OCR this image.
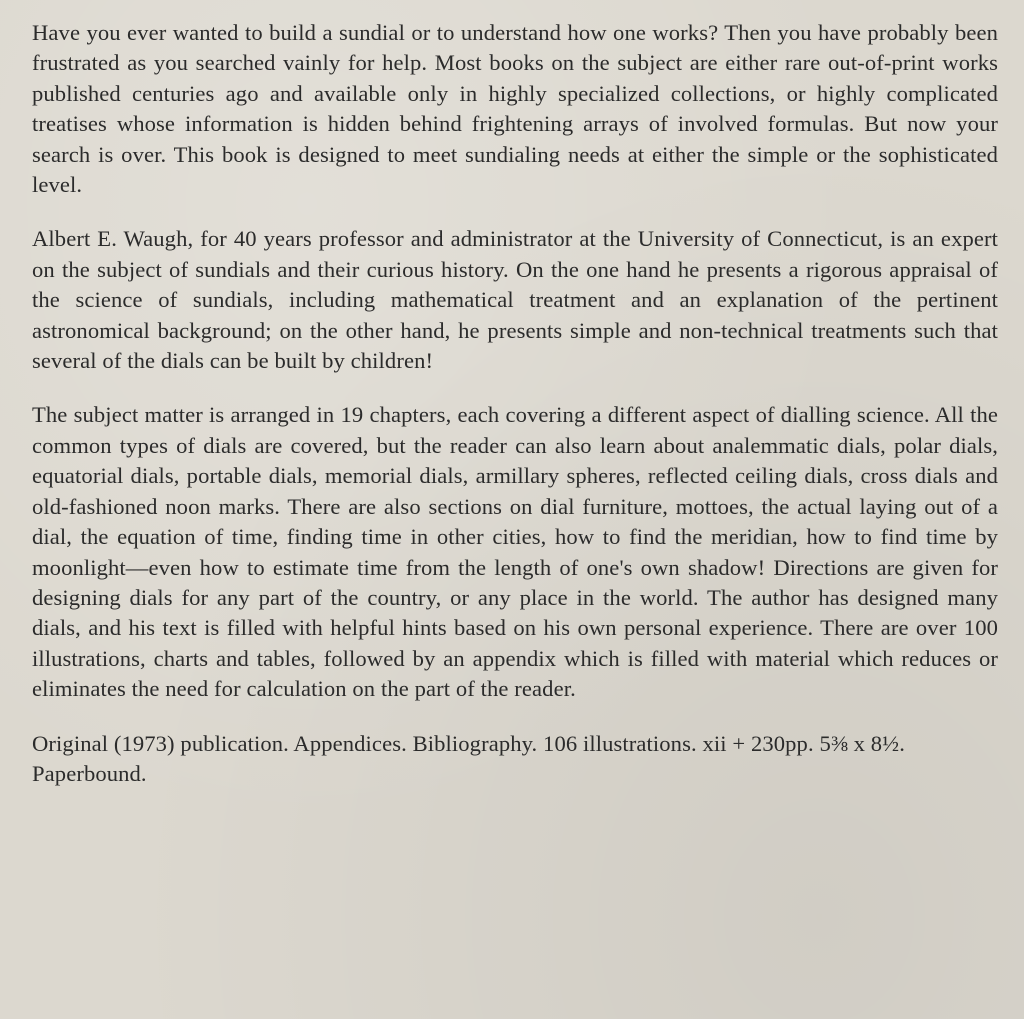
Have you ever wanted to build a sundial or to understand how one works? Then you have probably been frustrated as you searched vainly for help. Most books on the subject are either rare out-of-print works published centuries ago and available only in highly specialized collections, or highly complicated treatises whose information is hidden behind frightening arrays of involved formulas. But now your search is over. This book is designed to meet sundialing needs at either the simple or the sophisticated level.

Albert E. Waugh, for 40 years professor and administrator at the University of Connecticut, is an expert on the subject of sundials and their curious history. On the one hand he presents a rigorous appraisal of the science of sundials, including mathematical treatment and an explanation of the pertinent astronomical background; on the other hand, he presents simple and non-technical treatments such that several of the dials can be built by children!

The subject matter is arranged in 19 chapters, each covering a different aspect of dialling science. All the common types of dials are covered, but the reader can also learn about analemmatic dials, polar dials, equatorial dials, portable dials, memorial dials, armillary spheres, reflected ceiling dials, cross dials and old-fashioned noon marks. There are also sections on dial furniture, mottoes, the actual laying out of a dial, the equation of time, finding time in other cities, how to find the meridian, how to find time by moonlight—even how to estimate time from the length of one's own shadow! Directions are given for designing dials for any part of the country, or any place in the world. The author has designed many dials, and his text is filled with helpful hints based on his own personal experience. There are over 100 illustrations, charts and tables, followed by an appendix which is filled with material which reduces or eliminates the need for calculation on the part of the reader.

Original (1973) publication. Appendices. Bibliography. 106 illustrations. xii + 230pp. 5⅜ x 8½. Paperbound.
